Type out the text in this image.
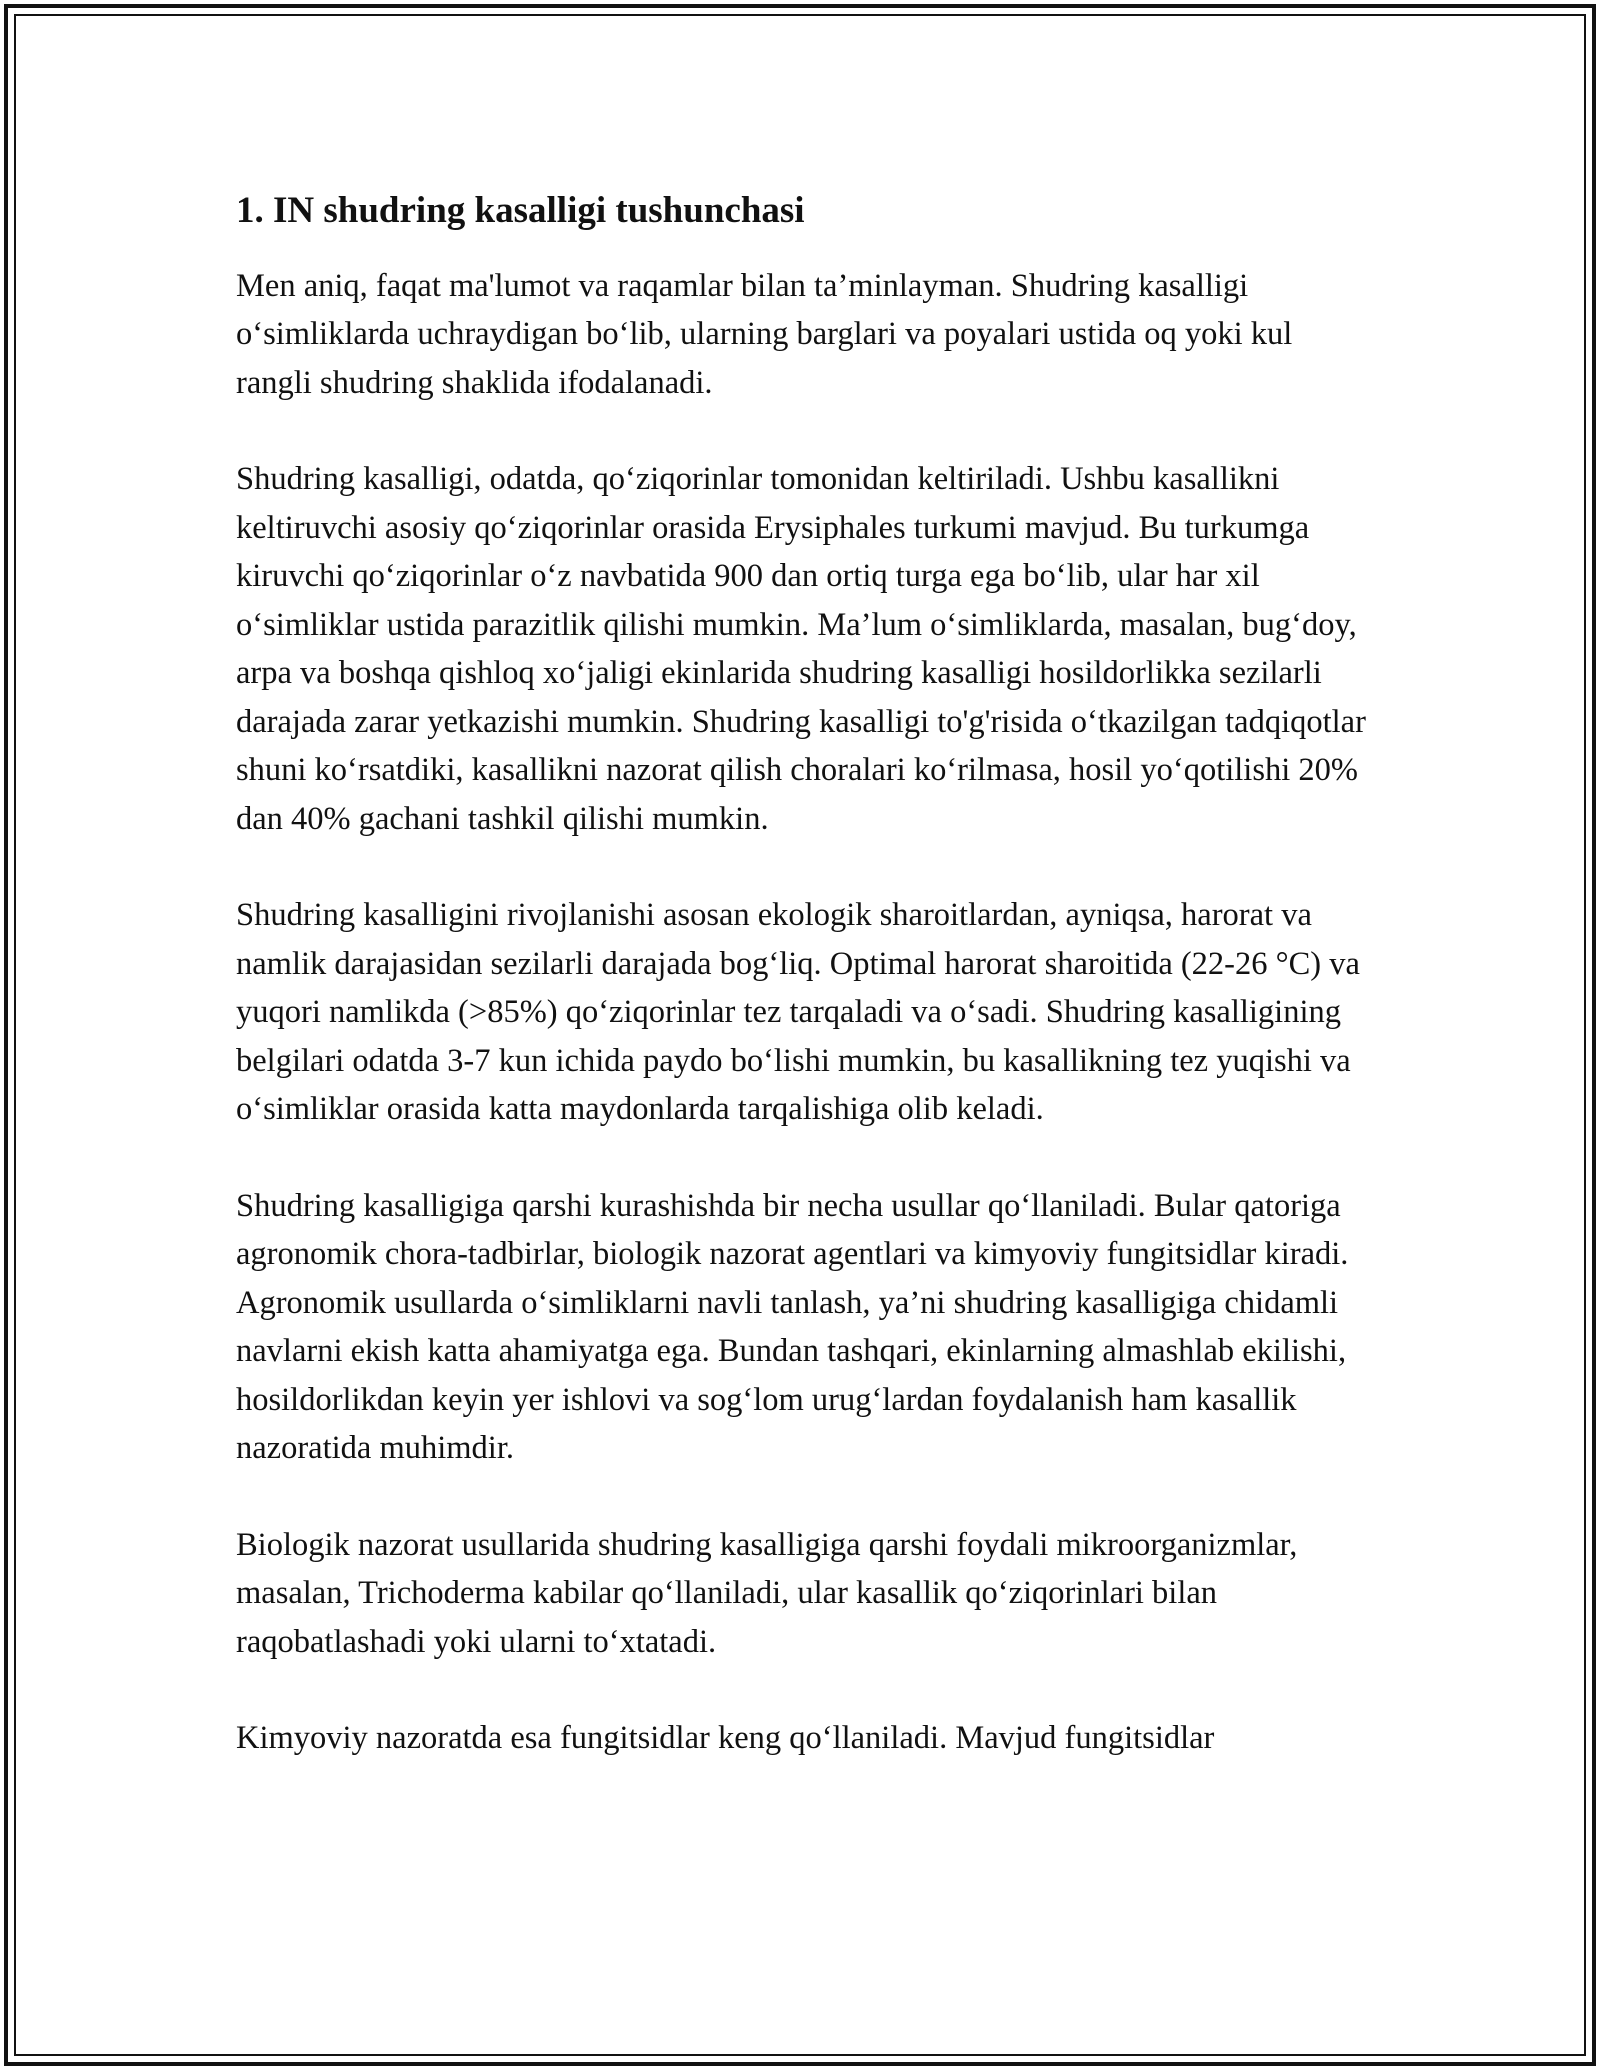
1. IN shudring kasalligi tushunchasi

Men aniq, faqat ma'lumot va raqamlar bilan ta’minlayman. Shudring kasalligi o‘simliklarda uchraydigan bo‘lib, ularning barglari va poyalari ustida oq yoki kul rangli shudring shaklida ifodalanadi.

Shudring kasalligi, odatda, qo‘ziqorinlar tomonidan keltiriladi. Ushbu kasallikni keltiruvchi asosiy qo‘ziqorinlar orasida Erysiphales turkumi mavjud. Bu turkumga kiruvchi qo‘ziqorinlar o‘z navbatida 900 dan ortiq turga ega bo‘lib, ular har xil o‘simliklar ustida parazitlik qilishi mumkin. Ma’lum o‘simliklarda, masalan, bug‘doy, arpa va boshqa qishloq xo‘jaligi ekinlarida shudring kasalligi hosildorlikka sezilarli darajada zarar yetkazishi mumkin. Shudring kasalligi to'g'risida o‘tkazilgan tadqiqotlar shuni ko‘rsatdiki, kasallikni nazorat qilish choralari ko‘rilmasa, hosil yo‘qotilishi 20% dan 40% gachani tashkil qilishi mumkin.

Shudring kasalligini rivojlanishi asosan ekologik sharoitlardan, ayniqsa, harorat va namlik darajasidan sezilarli darajada bog‘liq. Optimal harorat sharoitida (22-26 °C) va yuqori namlikda (>85%) qo‘ziqorinlar tez tarqaladi va o‘sadi. Shudring kasalligining belgilari odatda 3-7 kun ichida paydo bo‘lishi mumkin, bu kasallikning tez yuqishi va o‘simliklar orasida katta maydonlarda tarqalishiga olib keladi.

Shudring kasalligiga qarshi kurashishda bir necha usullar qo‘llaniladi. Bular qatoriga agronomik chora-tadbirlar, biologik nazorat agentlari va kimyoviy fungitsidlar kiradi. Agronomik usullarda o‘simliklarni navli tanlash, ya’ni shudring kasalligiga chidamli navlarni ekish katta ahamiyatga ega. Bundan tashqari, ekinlarning almashlab ekilishi, hosildorlikdan keyin yer ishlovi va sog‘lom urug‘lardan foydalanish ham kasallik nazoratida muhimdir.

Biologik nazorat usullarida shudring kasalligiga qarshi foydali mikroorganizmlar, masalan, Trichoderma kabilar qo‘llaniladi, ular kasallik qo‘ziqorinlari bilan raqobatlashadi yoki ularni to‘xtatadi.

Kimyoviy nazoratda esa fungitsidlar keng qo‘llaniladi. Mavjud fungitsidlar
